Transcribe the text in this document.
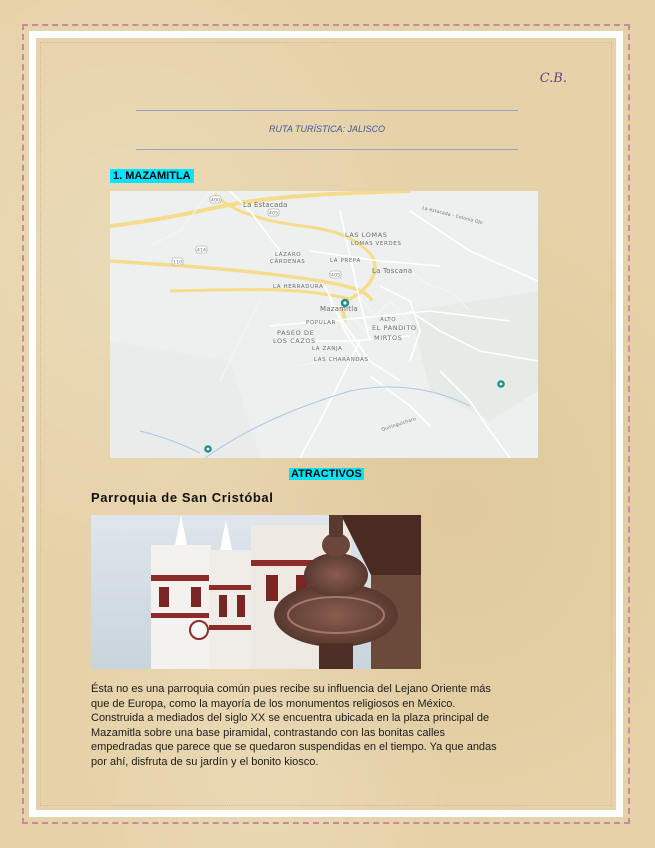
C.B.
RUTA TURÍSTICA: JALISCO
1. MAZAMITLA
400
405
414
110
405
La Estacada
La estacada - Colonia Ojo
LAS LOMAS
LOMAS VERDES
LÁZARO
CÁRDENAS	LA PREPA
La Toscana
LA HERRADURA
Mazamitla
POPULAR	ALTO
EL PANDITO
MIRTOS
PASEO DE
LOS CAZOS
LA ZANJA
LAS CHARANDAS
Quiringuicharo
ATRACTIVOS
Parroquia de San Cristóbal
Ésta no es una parroquia común pues recibe su influencia del Lejano Oriente más
que de Europa, como la mayoría de los monumentos religiosos en México.
Construida a mediados del siglo XX se encuentra ubicada en la plaza principal de
Mazamitla sobre una base piramidal, contrastando con las bonitas calles
empedradas que parece que se quedaron suspendidas en el tiempo. Ya que andas
por ahí, disfruta de su jardín y el bonito kiosco.
